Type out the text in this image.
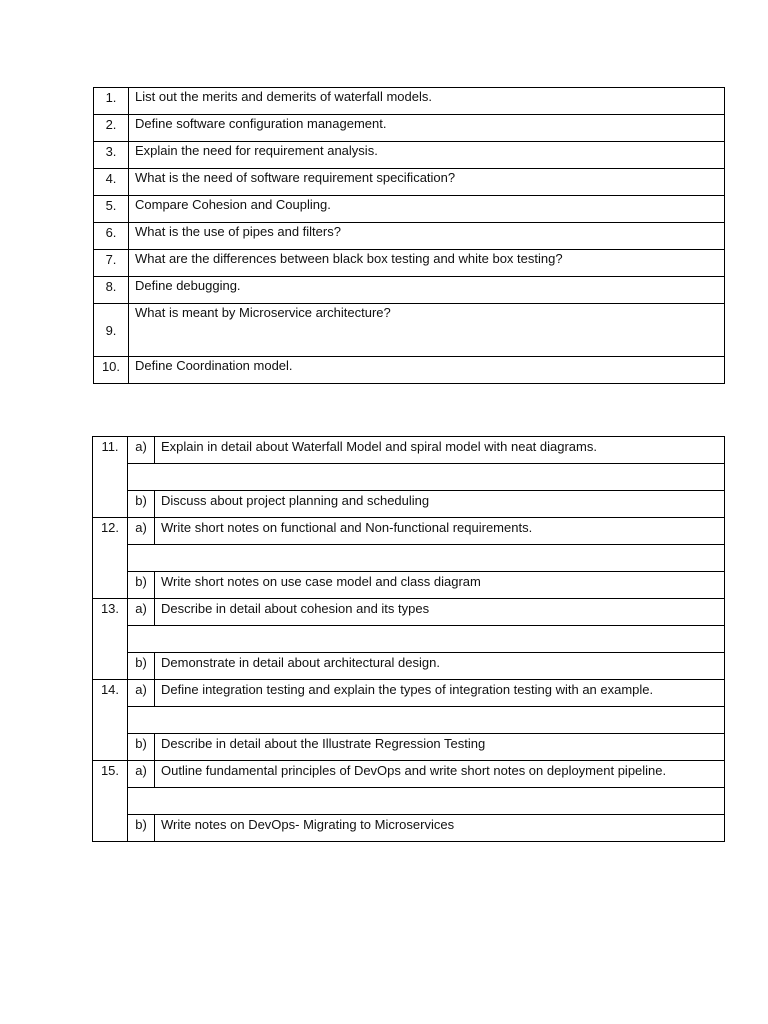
1.	List out the merits and demerits of waterfall models.
2.	Define software configuration management.
3.	Explain the need for requirement analysis.
4.	What is the need of software requirement specification?
5.	Compare Cohesion and Coupling.
6.	What is the use of pipes and filters?
7.	What are the differences between black box testing and white box testing?
8.	Define debugging.
9.	What is meant by Microservice architecture?
10.	Define Coordination model.
11.	a)	Explain in detail about Waterfall Model and spiral model with neat diagrams.

	b)	Discuss about project planning and scheduling
12.	a)	Write short notes on functional and Non-functional requirements.

	b)	Write short notes on use case model and class diagram
13.	a)	Describe in detail about cohesion and its types

	b)	Demonstrate in detail about architectural design.
14.	a)	Define integration testing and explain the types of integration testing with an example.

	b)	Describe in detail about the Illustrate Regression Testing
15.	a)	Outline fundamental principles of DevOps and write short notes on deployment pipeline.

	b)	Write notes on DevOps- Migrating to Microservices
